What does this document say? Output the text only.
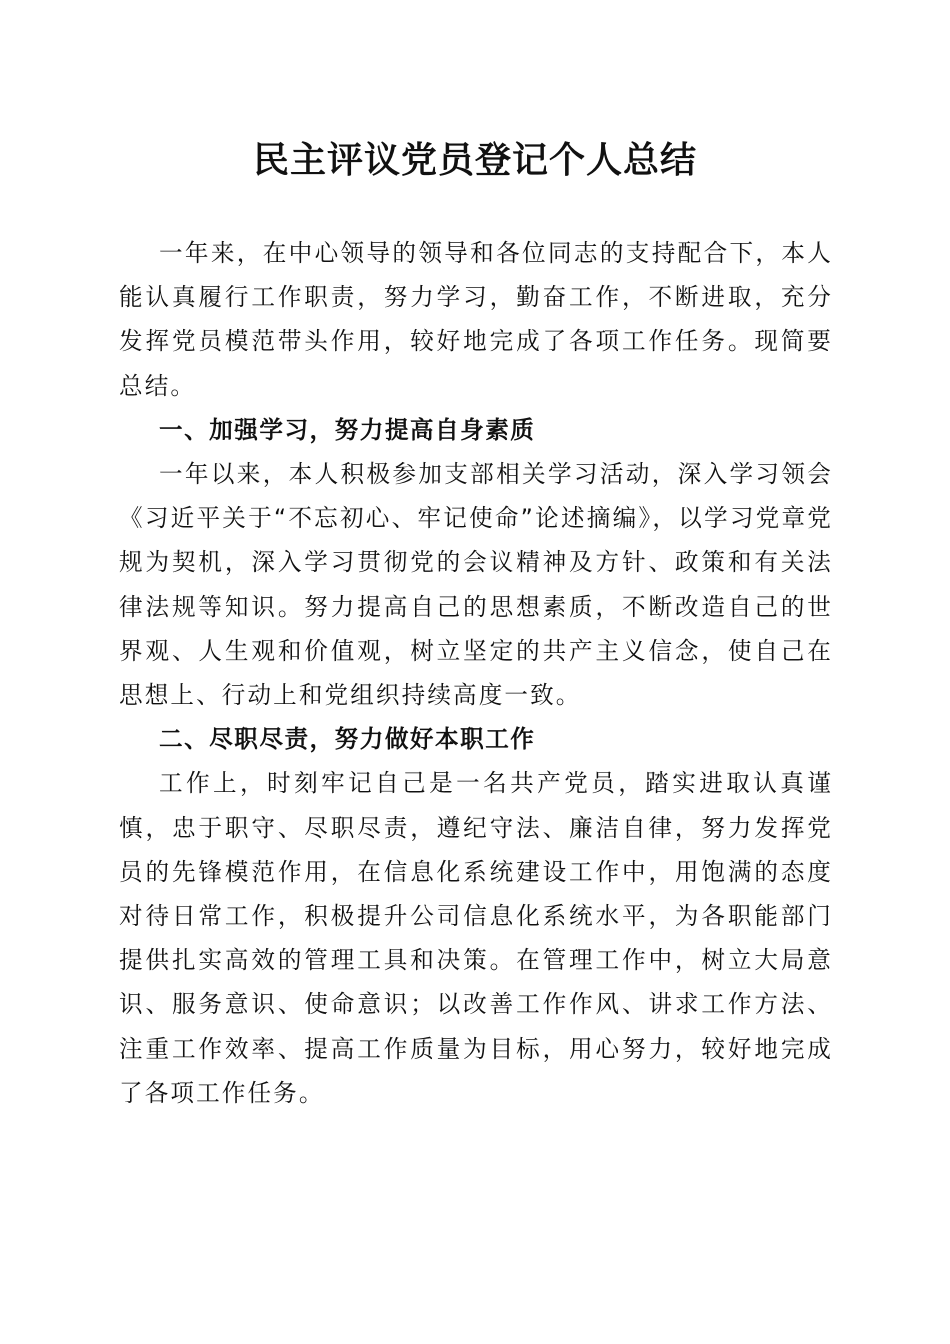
民主评议党员登记个人总结

一年来，在中心领导的领导和各位同志的支持配合下，本人能认真履行工作职责，努力学习，勤奋工作，不断进取，充分发挥党员模范带头作用，较好地完成了各项工作任务。现简要总结。

一、加强学习，努力提高自身素质

一年以来，本人积极参加支部相关学习活动，深入学习领会《习近平关于“不忘初心、牢记使命”论述摘编》，以学习党章党规为契机，深入学习贯彻党的会议精神及方针、政策和有关法律法规等知识。努力提高自己的思想素质，不断改造自己的世界观、人生观和价值观，树立坚定的共产主义信念，使自己在思想上、行动上和党组织持续高度一致。

二、尽职尽责，努力做好本职工作

工作上，时刻牢记自己是一名共产党员，踏实进取认真谨慎，忠于职守、尽职尽责，遵纪守法、廉洁自律，努力发挥党员的先锋模范作用，在信息化系统建设工作中，用饱满的态度对待日常工作，积极提升公司信息化系统水平，为各职能部门提供扎实高效的管理工具和决策。在管理工作中，树立大局意识、服务意识、使命意识；以改善工作作风、讲求工作方法、注重工作效率、提高工作质量为目标，用心努力，较好地完成了各项工作任务。
